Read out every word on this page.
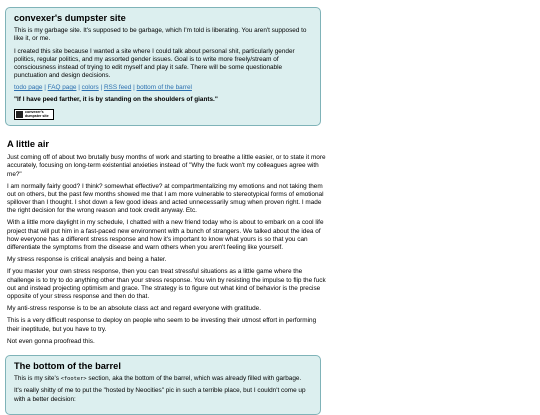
convexer's dumpster site

This is my garbage site. It's supposed to be garbage, which I'm told is liberating. You aren't supposed to like it, or me.

I created this site because I wanted a site where I could talk about personal shit, particularly gender politics, regular politics, and my assorted gender issues. Goal is to write more freely/stream of consciousness instead of trying to edit myself and play it safe. There will be some questionable punctuation and design decisions.

todo page | FAQ page | colors | RSS feed | bottom of the barrel

"If I have peed farther, it is by standing on the shoulders of giants."

convexer's
dumpster site
A little air

Just coming off of about two brutally busy months of work and starting to breathe a little easier, or to state it more accurately, focusing on long-term existential anxieties instead of "Why the fuck won't my colleagues agree with me?"

I am normally fairly good? I think? somewhat effective? at compartmentalizing my emotions and not taking them out on others, but the past few months showed me that I am more vulnerable to stereotypical forms of emotional spillover than I thought. I shot down a few good ideas and acted unnecessarily smug when proven right. I made the right decision for the wrong reason and took credit anyway. Etc.

With a little more daylight in my schedule, I chatted with a new friend today who is about to embark on a cool life project that will put him in a fast-paced new environment with a bunch of strangers. We talked about the idea of how everyone has a different stress response and how it's important to know what yours is so that you can differentiate the symptoms from the disease and warn others when you aren't feeling like yourself.

My stress response is critical analysis and being a hater.

If you master your own stress response, then you can treat stressful situations as a little game where the challenge is to try to do anything other than your stress response. You win by resisting the impulse to flip the fuck out and instead projecting optimism and grace. The strategy is to figure out what kind of behavior is the precise opposite of your stress response and then do that.

My anti-stress response is to be an absolute class act and regard everyone with gratitude.

This is a very difficult response to deploy on people who seem to be investing their utmost effort in performing their ineptitude, but you have to try.

Not even gonna proofread this.

The bottom of the barrel

This is my site's <footer> section, aka the bottom of the barrel, which was already filled with garbage.

It's really shitty of me to put the "hosted by Neocities" pic in such a terrible place, but I couldn't come up with a better decision:
